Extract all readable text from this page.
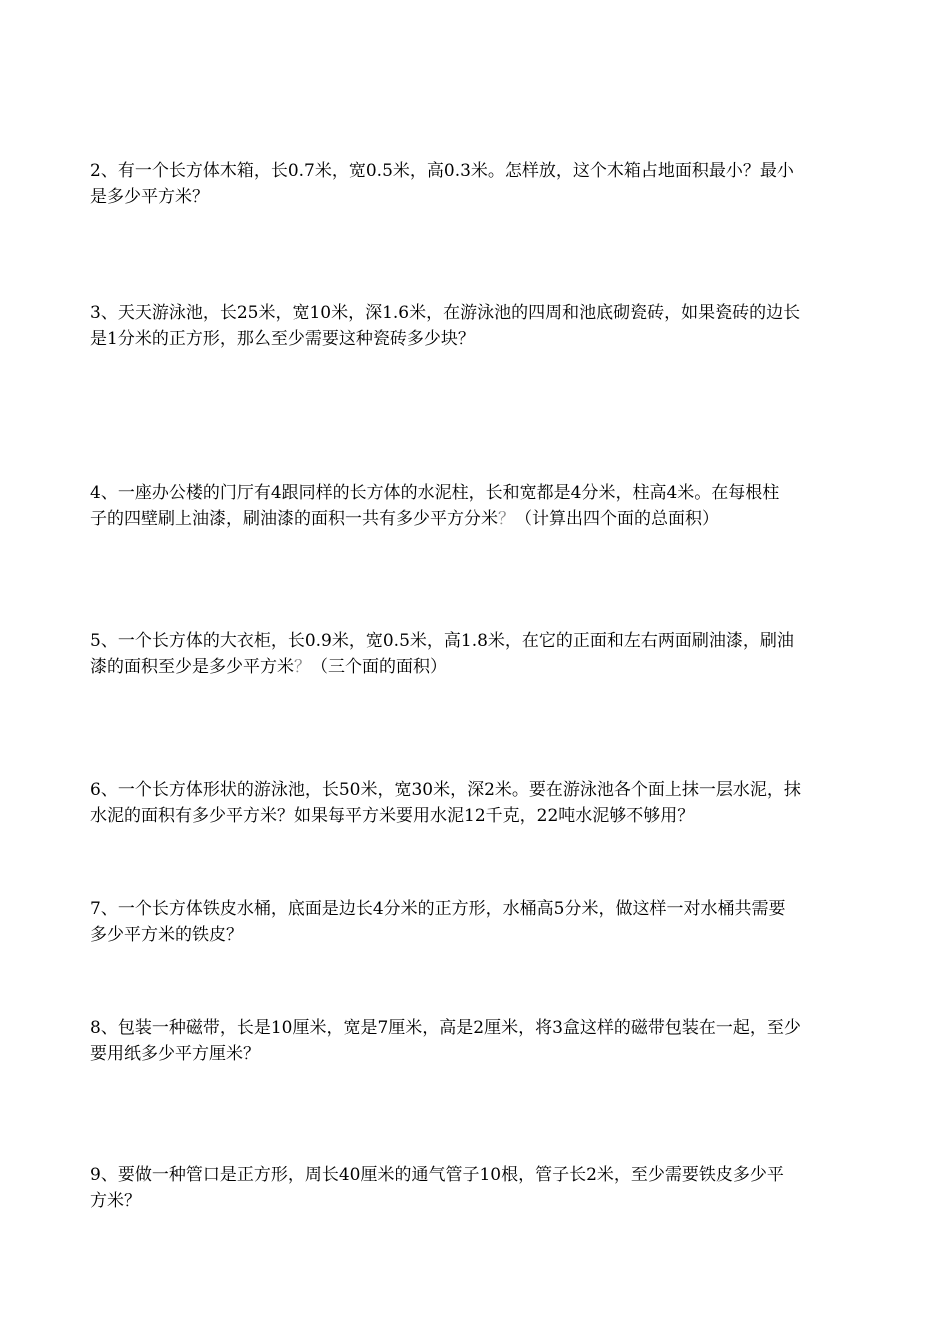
2、有一个长方体木箱，长0.7米，宽0.5米，高0.3米。怎样放，这个木箱占地面积最小？最小
是多少平方米？
3、天天游泳池，长25米，宽10米，深1.6米，在游泳池的四周和池底砌瓷砖，如果瓷砖的边长
是1分米的正方形，那么至少需要这种瓷砖多少块？
4、一座办公楼的门厅有4跟同样的长方体的水泥柱，长和宽都是4分米，柱高4米。在每根柱
子的四壁刷上油漆，刷油漆的面积一共有多少平方分米？（计算出四个面的总面积）
5、一个长方体的大衣柜，长0.9米，宽0.5米，高1.8米，在它的正面和左右两面刷油漆，刷油
漆的面积至少是多少平方米？（三个面的面积）
6、一个长方体形状的游泳池，长50米，宽30米，深2米。要在游泳池各个面上抹一层水泥，抹
水泥的面积有多少平方米？如果每平方米要用水泥12千克，22吨水泥够不够用？
7、一个长方体铁皮水桶，底面是边长4分米的正方形，水桶高5分米，做这样一对水桶共需要
多少平方米的铁皮？
8、包装一种磁带，长是10厘米，宽是7厘米，高是2厘米，将3盒这样的磁带包装在一起，至少
要用纸多少平方厘米？
9、要做一种管口是正方形，周长40厘米的通气管子10根，管子长2米，至少需要铁皮多少平
方米？
